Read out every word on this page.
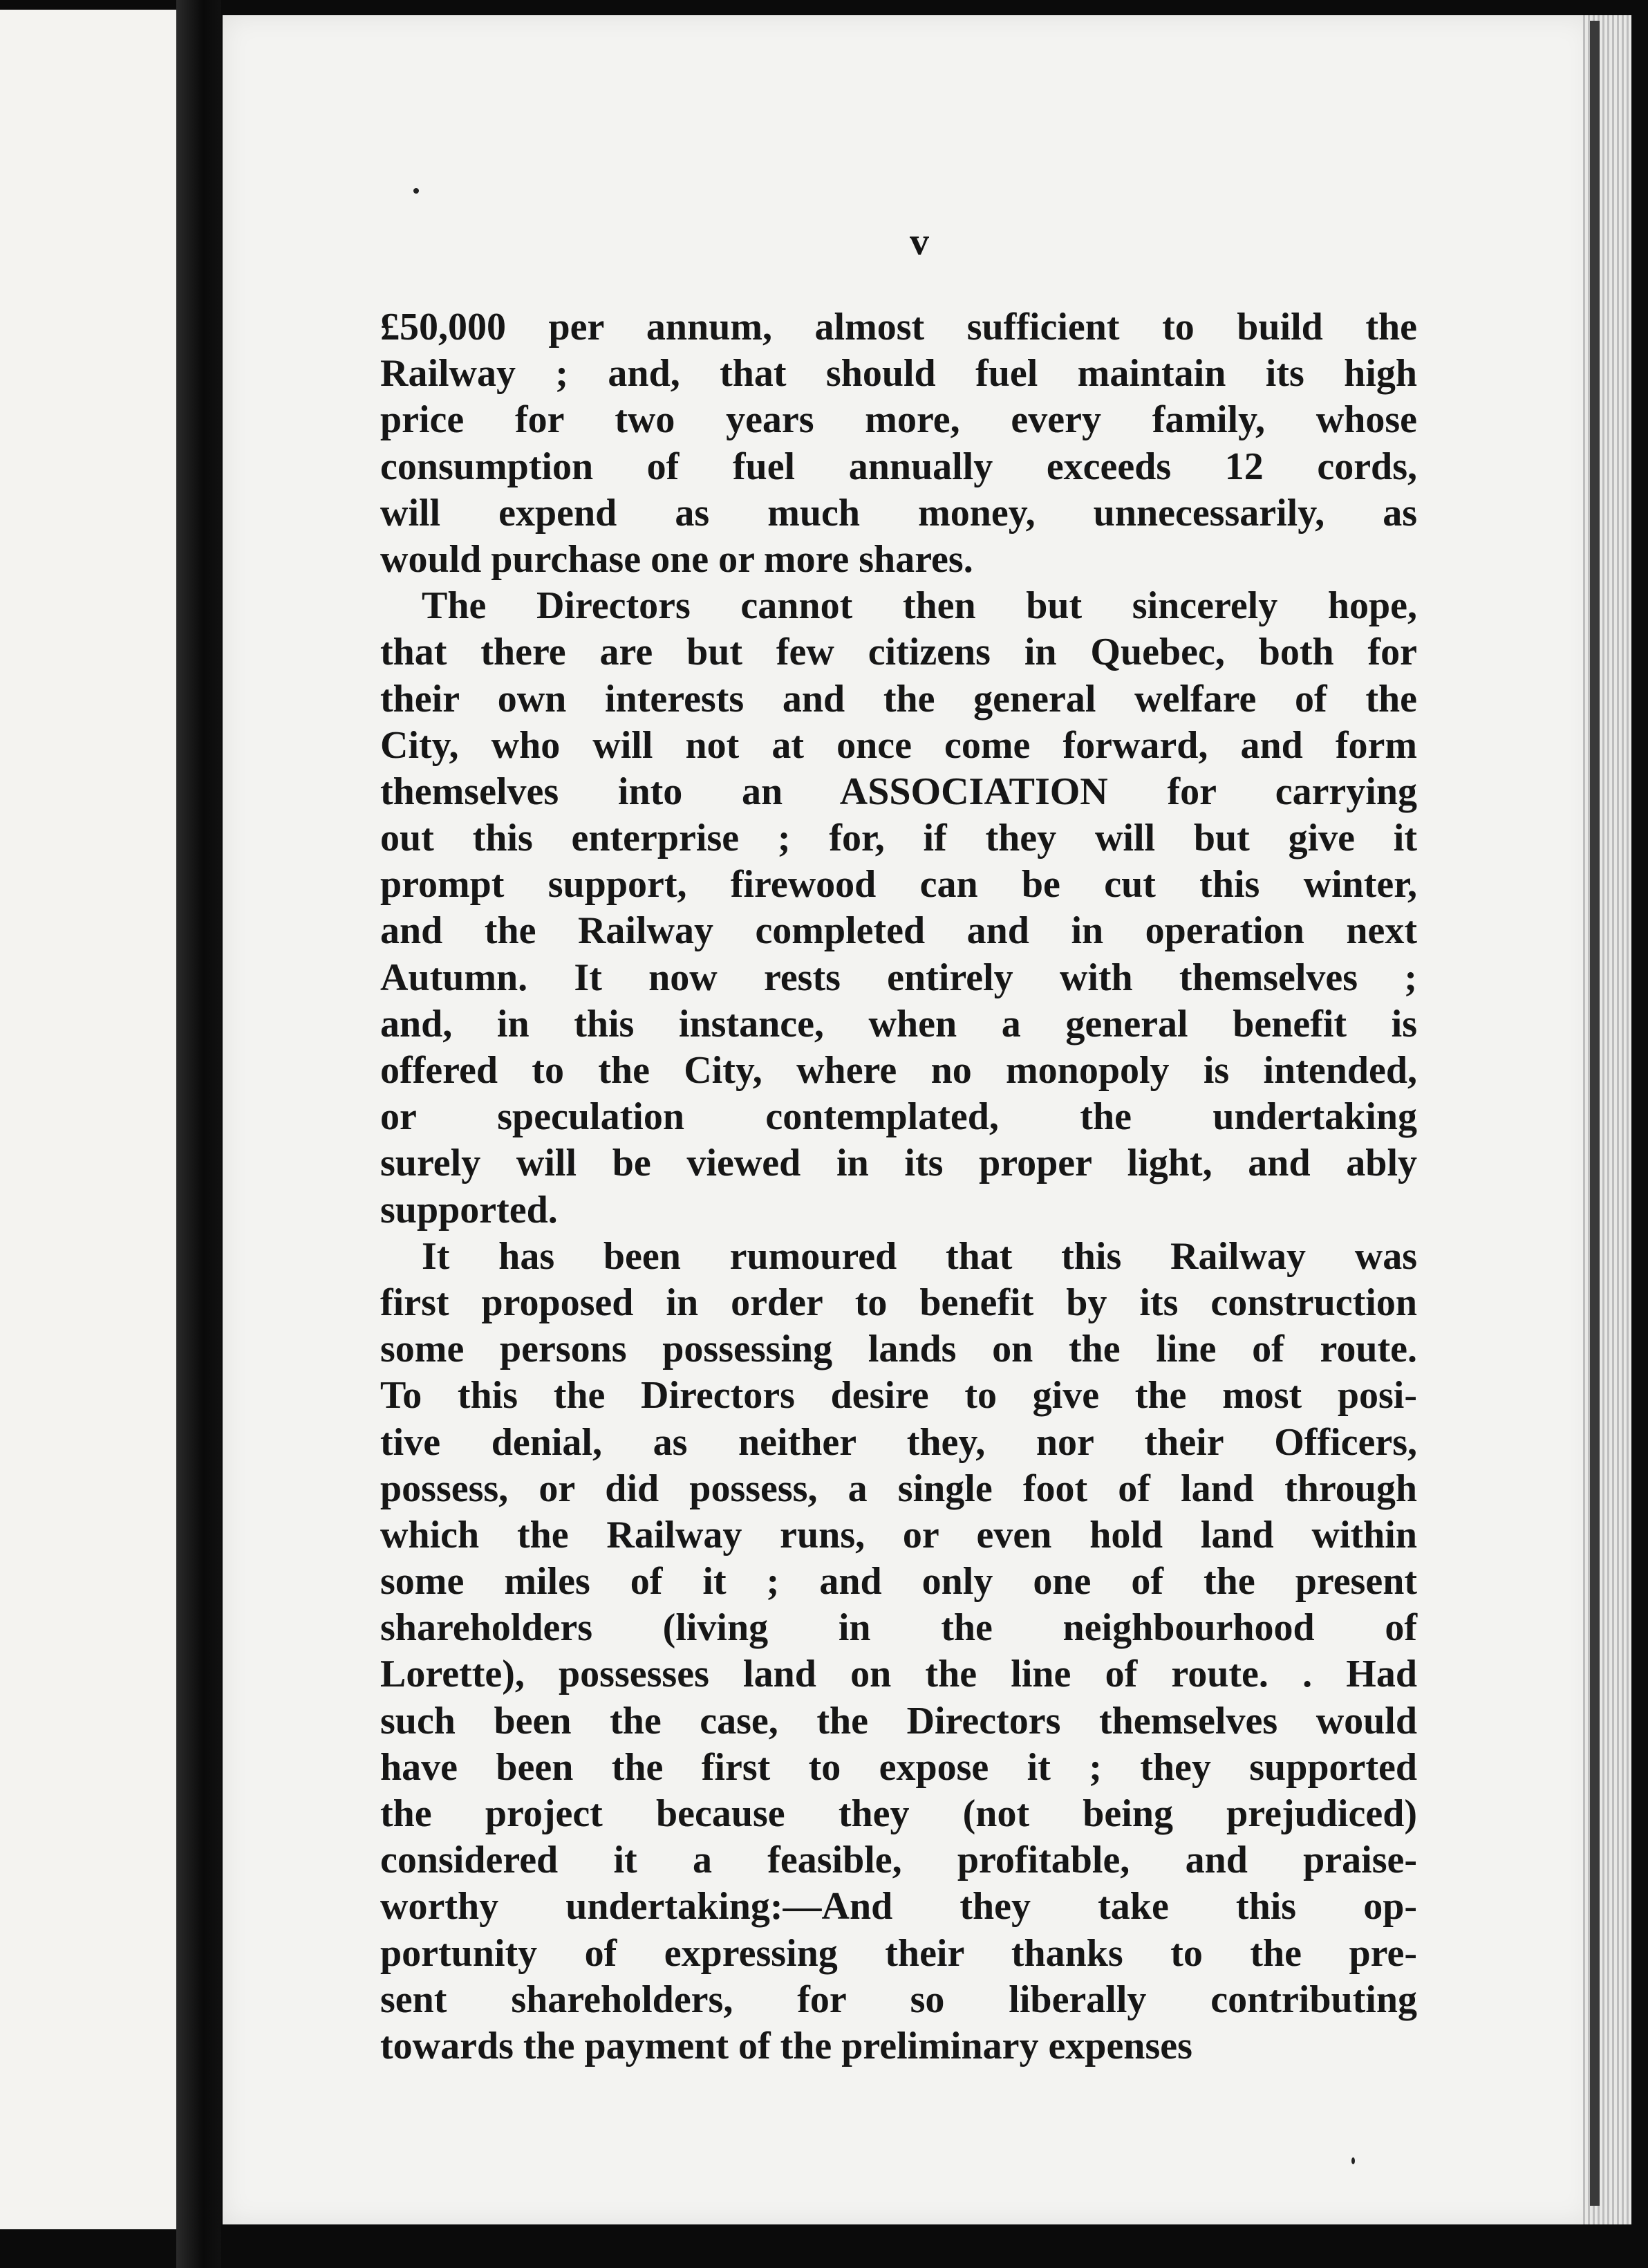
v
£50,000 per annum, almost sufficient to build the
Railway ; and, that should fuel maintain its high
price for two years more, every family, whose
consumption of fuel annually exceeds 12 cords,
will expend as much money, unnecessarily, as
would purchase one or more shares.
The Directors cannot then but sincerely hope,
that there are but few citizens in Quebec, both for
their own interests and the general welfare of the
City, who will not at once come forward, and form
themselves into an ASSOCIATION for carrying
out this enterprise ; for, if they will but give it
prompt support, firewood can be cut this winter,
and the Railway completed and in operation next
Autumn. It now rests entirely with themselves ;
and, in this instance, when a general benefit is
offered to the City, where no monopoly is intended,
or speculation contemplated, the undertaking
surely will be viewed in its proper light, and ably
supported.
It has been rumoured that this Railway was
first proposed in order to benefit by its construction
some persons possessing lands on the line of route.
To this the Directors desire to give the most posi-
tive denial, as neither they, nor their Officers,
possess, or did possess, a single foot of land through
which the Railway runs, or even hold land within
some miles of it ; and only one of the present
shareholders (living in the neighbourhood of
Lorette), possesses land on the line of route. . Had
such been the case, the Directors themselves would
have been the first to expose it ; they supported
the project because they (not being prejudiced)
considered it a feasible, profitable, and praise-
worthy undertaking:—And they take this op-
portunity of expressing their thanks to the pre-
sent shareholders, for so liberally contributing
towards the payment of the preliminary expenses
